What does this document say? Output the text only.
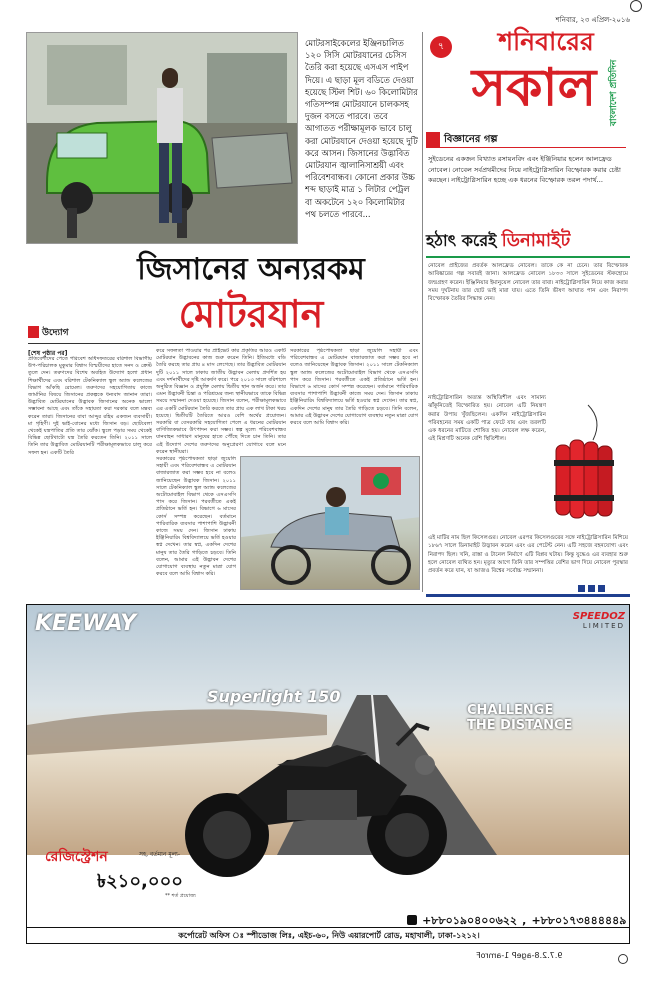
মোটরসাইকেলের ইঞ্জিনচালিত ১২০ সিসি মোটরযানের চেসিস তৈরি করা হয়েছে এসএস পাইপ দিয়ে। এ ছাড়া মূল বডিতে দেওয়া হয়েছে স্টিল শিট। ৬০ কিলোমিটার গতিসম্পন্ন মোটরযানে চালকসহ দুজন বসতে পারবে। তবে আগাতত পরীক্ষামূলক ভাবে চালু করা মোটরযানে দেওয়া হয়েছে দুটি করে আসন। জিসানের উদ্ভাবিত মোটরযান জ্বালানিসাশ্রয়ী এবং পরিবেশবান্ধব। কোনো প্রকার উচ্চ শব্দ ছাড়াই মাত্র ১ লিটার পেট্রল বা অকটেনে ১২০ কিলোমিটার পথ চলতে পারবে...
শনিবার, ২৩ এপ্রিল-২০১৬
৭	শনিবারের
সকাল	বাংলাদেশ প্রতিদিন
বিজ্ঞানের গল্প
সুইডেনের একজন বিখ্যাত রসায়নবিদ এবং ইঞ্জিনিয়ার হলেন আলফ্রেড নোবেল। নোবেল সর্বপ্রথমীদের নিয়ে নাইট্রোগ্লিসারিন বিস্ফোরক করার চেষ্টা করছেন। নাইট্রোগ্লিসারিন হচ্ছে এক ধরনের বিস্ফোরক তরল পদার্থ...
হঠাৎ করেই ডিনামাইট
নোবেল প্রাইজের প্রবর্তক আলফ্রেড নোবেল। তাকে কে না চেনে। তার বিস্ফোরক আবিষ্কারের গল্প সবারই জানা। আলফ্রেড নোবেল ১৮৩৩ সালে সুইডেনের স্টকহোমে জন্মগ্রহণ করেন। ইঞ্জিনিয়ার ইমানুয়েল নোবেল তার বাবা। নাইট্রোগ্লিসারিন নিয়ে কাজ করার সময় দুর্ঘটনায় তার ছোট ভাই মারা যায়। এতে তিনি ভীষণ আঘাত পান এবং নিরাপদ বিস্ফোরক তৈরির সিদ্ধান্ত নেন।
নাইট্রোগ্লিসারিন অত্যন্ত অস্থিতিশীল এবং সামান্য ঝাঁকুনিতেই বিস্ফোরিত হয়। নোবেল এটি নিয়ন্ত্রণ করার উপায় খুঁজছিলেন। একদিন নাইট্রোগ্লিসারিন পরিবহনের সময় একটি পাত্র ফেটে যায় এবং তরলটি এক ধরনের মাটিতে শোষিত হয়। নোবেল লক্ষ করেন, এই মিশ্রণটি অনেক বেশি স্থিতিশীল।
এই মাটির নাম ছিল কিসেলগুর। নোবেল এরপর কিসেলগুরের সঙ্গে নাইট্রোগ্লিসারিন মিশিয়ে ১৮৬৭ সালে ডিনামাইট উদ্ভাবন করেন এবং এর পেটেন্ট নেন। এটি সহজে বহনযোগ্য এবং নিরাপদ ছিল। খনি, রাস্তা ও টানেল নির্মাণে এটি বিপ্লব ঘটায়। কিন্তু যুদ্ধেও এর ব্যবহার শুরু হলে নোবেল ব্যথিত হন। মৃত্যুর আগে তিনি তার সম্পত্তির বেশির ভাগ দিয়ে নোবেল পুরস্কার প্রবর্তন করে যান, যা আজও বিশ্বের সর্বোচ্চ সম্মাননা।
জিসানের অন্যরকম
মোটরযান
উদ্যোগ
[শেষ পৃষ্ঠার পর]
প্রতিবেশীদের পেতে পরিবেশ অধিদফতরের বরিশাল বিভাগীয় উপ-পরিচালক মুকুমার বিশ্বাস বিস্ময়ীদের হাতে সনদ ও ক্রেস্ট তুলে দেন। তরুণদের বিশেষ অবহিত উদ্যোগ হলো প্রধান শিক্ষার্থীদের এবং বরিশাল টেকনিক্যাল স্কুল অ্যান্ড কলেজের বিভাগ আঁকছি রোমেল। তরুণদের সহযোগিতায় কাজে জার্মানির বিষয়ে জিসানের প্রকল্পকে ধন্যবাদ জানান তারা। উদ্ভাবিত মোটরযানের উদ্ভাবক জিসানের অনেক ভালো সম্ভাবনা আছে এবং তাঁকে সহায়তা করা দরকার বলে মন্তব্য করেন তারা। জিসানের বাবা আব্দুর রহিম একজন ব্যবসায়ী। মা গৃহিণী। দুই ভাই-বোনের মধ্যে জিসান বড়। ছোটবেলা থেকেই যন্ত্রপাতির প্রতি তার ঝোঁক। স্কুলে পড়ার সময় থেকেই বিভিন্ন ছোটখাটো যন্ত্র তৈরি করতেন তিনি। ২০১১ সালে তিনি তার উদ্ভাবিত মোটরযানটি পরীক্ষামূলকভাবে চালু করে সফল হন। একটি তৈরি
করে সফলতা পাওয়ার পর প্রাইভেট কার প্রকৃতির আরও একটি মোটরযান উদ্ভাবনের কাজ শুরু করেন তিনি। ইতিমধ্যে বডি তৈরি করছে তার প্রায় ৪ মাস লেগেছে। তার উদ্ভাবিত মোটরযান দুটি ২০১১ সালে ঢাকায় জাতীয় উদ্ভাবন মেলায় প্রদর্শিত হয় এবং দর্শনার্থীদের দৃষ্টি আকর্ষণ করে। পরে ২০১৩ সালে বরিশালে অনুষ্ঠিত বিজ্ঞান ও প্রযুক্তি মেলায় দ্বিতীয় স্থান অর্জন করে। তার এমন উদ্ভাবনী চিন্তা ও পরিশ্রমের জন্য স্থানীয়ভাবে তাকে বিভিন্ন সময়ে সম্মাননা দেওয়া হয়েছে। জিসান বলেন, পরীক্ষামূলকভাবে এর একটি মোটরযান তৈরি করতে তার প্রায় এক লাখ টাকা খরচ হয়েছে। দ্বিতীয়টি তৈরিতে আরও বেশি অর্থের প্রয়োজন। সরকারি বা বেসরকারি সহযোগিতা পেলে এ ধরনের মোটরযান বাণিজ্যিকভাবে উৎপাদন করা সম্ভব। স্বল্প মূল্যে পরিবেশবান্ধব যানবাহন সাধারণ মানুষের হাতে পৌঁছে দিতে চান তিনি। তার এই উদ্যোগ দেশের তরুণদের অনুপ্রেরণা যোগাবে বলে মনে করেন স্থানীয়রা।
সরকারের পৃষ্ঠপোষকতা ছাড়া জুয়েলি সহায়ী এবং পরিবেশবান্ধব এ মোটরযান বাজারজাত করা সম্ভব হবে না বলেও জানিয়েছেন উদ্ভাবক জিসান। ২০১১ সালে টেকনিক্যাল স্কুল অ্যান্ড কলেজের অটোমোবাইল বিভাগ থেকে এসএসসি পাস করে জিসান। পরবর্তীতে একই প্রতিষ্ঠানে ভর্তি হন। বিভাগে ৬ মাসের কোর্স সম্পন্ন করেছেন। বর্তমানে পারিবারিক ব্যবসার পাশাপাশি উদ্ভাবনী কাজে সময় দেন। জিসান ঢাকায় ইঞ্জিনিয়ারিং বিশ্ববিদ্যালয়ে ভর্তি হওয়ার স্বপ্ন দেখেন। তার স্বপ্ন, একদিন দেশের মানুষ তার তৈরি গাড়িতে চড়বে। তিনি বলেন, আমার এই উদ্ভাবন দেশের যোগাযোগ ব্যবস্থায় নতুন মাত্রা যোগ করবে বলে আমি বিশ্বাস করি।
সরকারের পৃষ্ঠপোষকতা ছাড়া জুয়েলি সহায়ী এবং পরিবেশবান্ধব এ মোটরযান বাজারজাত করা সম্ভব হবে না বলেও জানিয়েছেন উদ্ভাবক জিসান। ২০১১ সালে টেকনিক্যাল স্কুল অ্যান্ড কলেজের অটোমোবাইল বিভাগ থেকে এসএসসি পাস করে জিসান। পরবর্তীতে একই প্রতিষ্ঠানে ভর্তি হন। বিভাগে ৬ মাসের কোর্স সম্পন্ন করেছেন। বর্তমানে পারিবারিক ব্যবসার পাশাপাশি উদ্ভাবনী কাজে সময় দেন। জিসান ঢাকায় ইঞ্জিনিয়ারিং বিশ্ববিদ্যালয়ে ভর্তি হওয়ার স্বপ্ন দেখেন। তার স্বপ্ন, একদিন দেশের মানুষ তার তৈরি গাড়িতে চড়বে। তিনি বলেন, আমার এই উদ্ভাবন দেশের যোগাযোগ ব্যবস্থায় নতুন মাত্রা যোগ করবে বলে আমি বিশ্বাস করি।
KEEWAY	SPEEDOZ
LIMITED
Superlight 150
CHALLENGE
THE DISTANCE
রেজিস্ট্রেশন	সহ, বর্তমান মূল্য-
৳২১০,০০০
** শর্ত প্রযোজ্য
+৮৮০১৯০৪০০৬২২ , +৮৮০১৭৩৪৪৪৪৪৯
কর্পোরেট অফিস ঃ স্পীডোজ লিঃ, এইচ-৬০, নিউ এয়ারপোর্ট রোড, মহাখালী, ঢাকা-১২১২।
9.7.2.8-ageP 1-amroF
